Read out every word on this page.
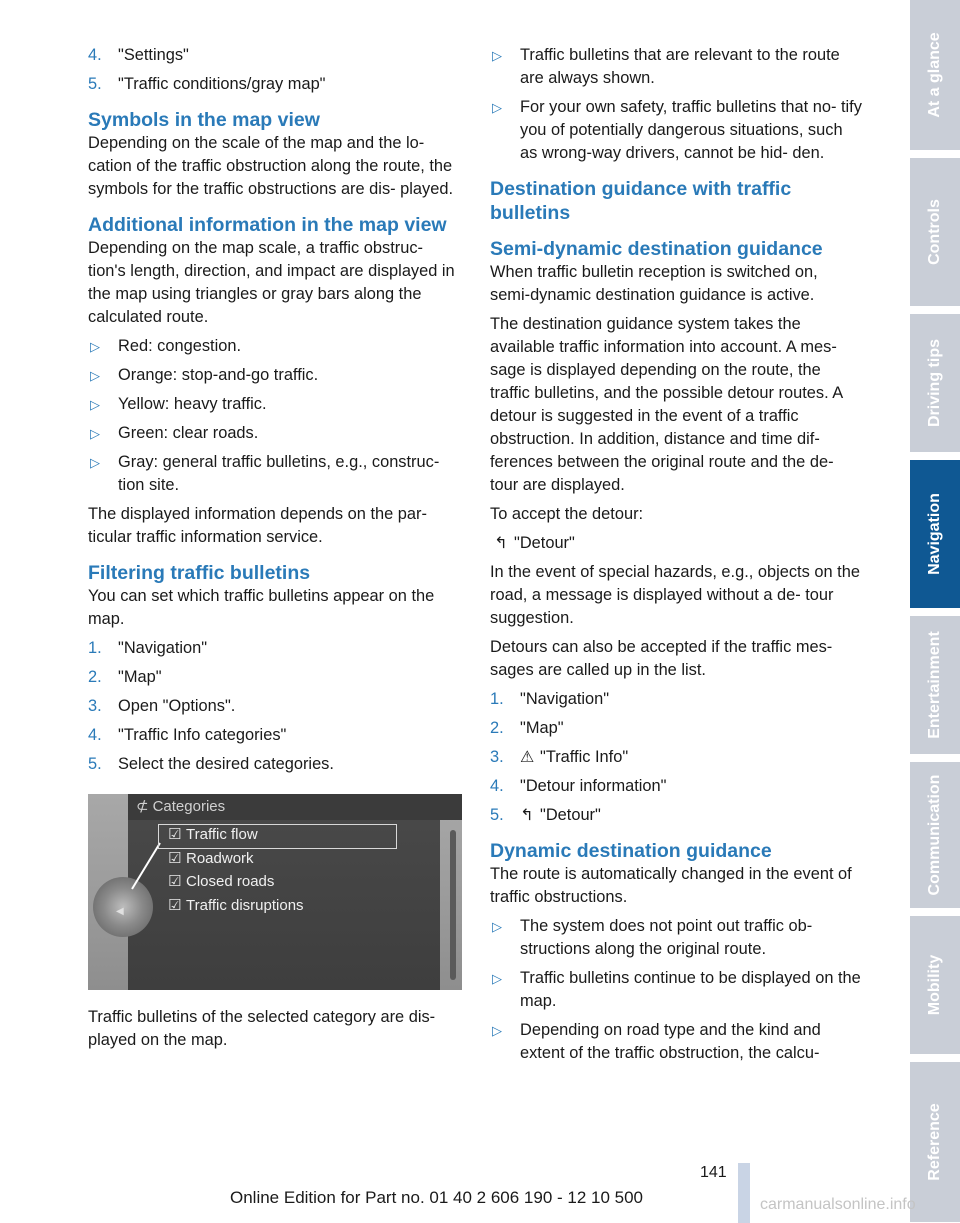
4. "Settings"
5. "Traffic conditions/gray map"
Symbols in the map view

Depending on the scale of the map and the lo- cation of the traffic obstruction along the route, the symbols for the traffic obstructions are dis- played.

Additional information in the map view

Depending on the map scale, a traffic obstruc- tion's length, direction, and impact are displayed in the map using triangles or gray bars along the calculated route.

▷ Red: congestion.
▷ Orange: stop-and-go traffic.
▷ Yellow: heavy traffic.
▷ Green: clear roads.
▷ Gray: general traffic bulletins, e.g., construc- tion site.

The displayed information depends on the par- ticular traffic information service.

Filtering traffic bulletins

You can set which traffic bulletins appear on the map.

1. "Navigation"
2. "Map"
3. Open "Options".
4. "Traffic Info categories"
5. Select the desired categories.
⊄ Categories
◀
☑ Traffic flow
☑ Roadwork
☑ Closed roads
☑ Traffic disruptions

Traffic bulletins of the selected category are dis- played on the map.

▷ Traffic bulletins that are relevant to the route are always shown.
▷ For your own safety, traffic bulletins that no- tify you of potentially dangerous situations, such as wrong-way drivers, cannot be hid- den.
Destination guidance with traffic bulletins
Semi-dynamic destination guidance

When traffic bulletin reception is switched on, semi-dynamic destination guidance is active.

The destination guidance system takes the available traffic information into account. A mes- sage is displayed depending on the route, the traffic bulletins, and the possible detour routes. A detour is suggested in the event of a traffic obstruction. In addition, distance and time dif- ferences between the original route and the de- tour are displayed.

To accept the detour:

↰ "Detour"

In the event of special hazards, e.g., objects on the road, a message is displayed without a de- tour suggestion.

Detours can also be accepted if the traffic mes- sages are called up in the list.

1. "Navigation"
2. "Map"
3. ⚠ "Traffic Info"
4. "Detour information"
5. ↰ "Detour"
Dynamic destination guidance

The route is automatically changed in the event of traffic obstructions.

▷ The system does not point out traffic ob- structions along the original route.
▷ Traffic bulletins continue to be displayed on the map.
▷ Depending on road type and the kind and extent of the traffic obstruction, the calcu-
At a glance
Controls
Driving tips
Navigation
Entertainment
Communication
Mobility
Reference
141
Online Edition for Part no. 01 40 2 606 190 - 12 10 500	carmanualsonline.info
